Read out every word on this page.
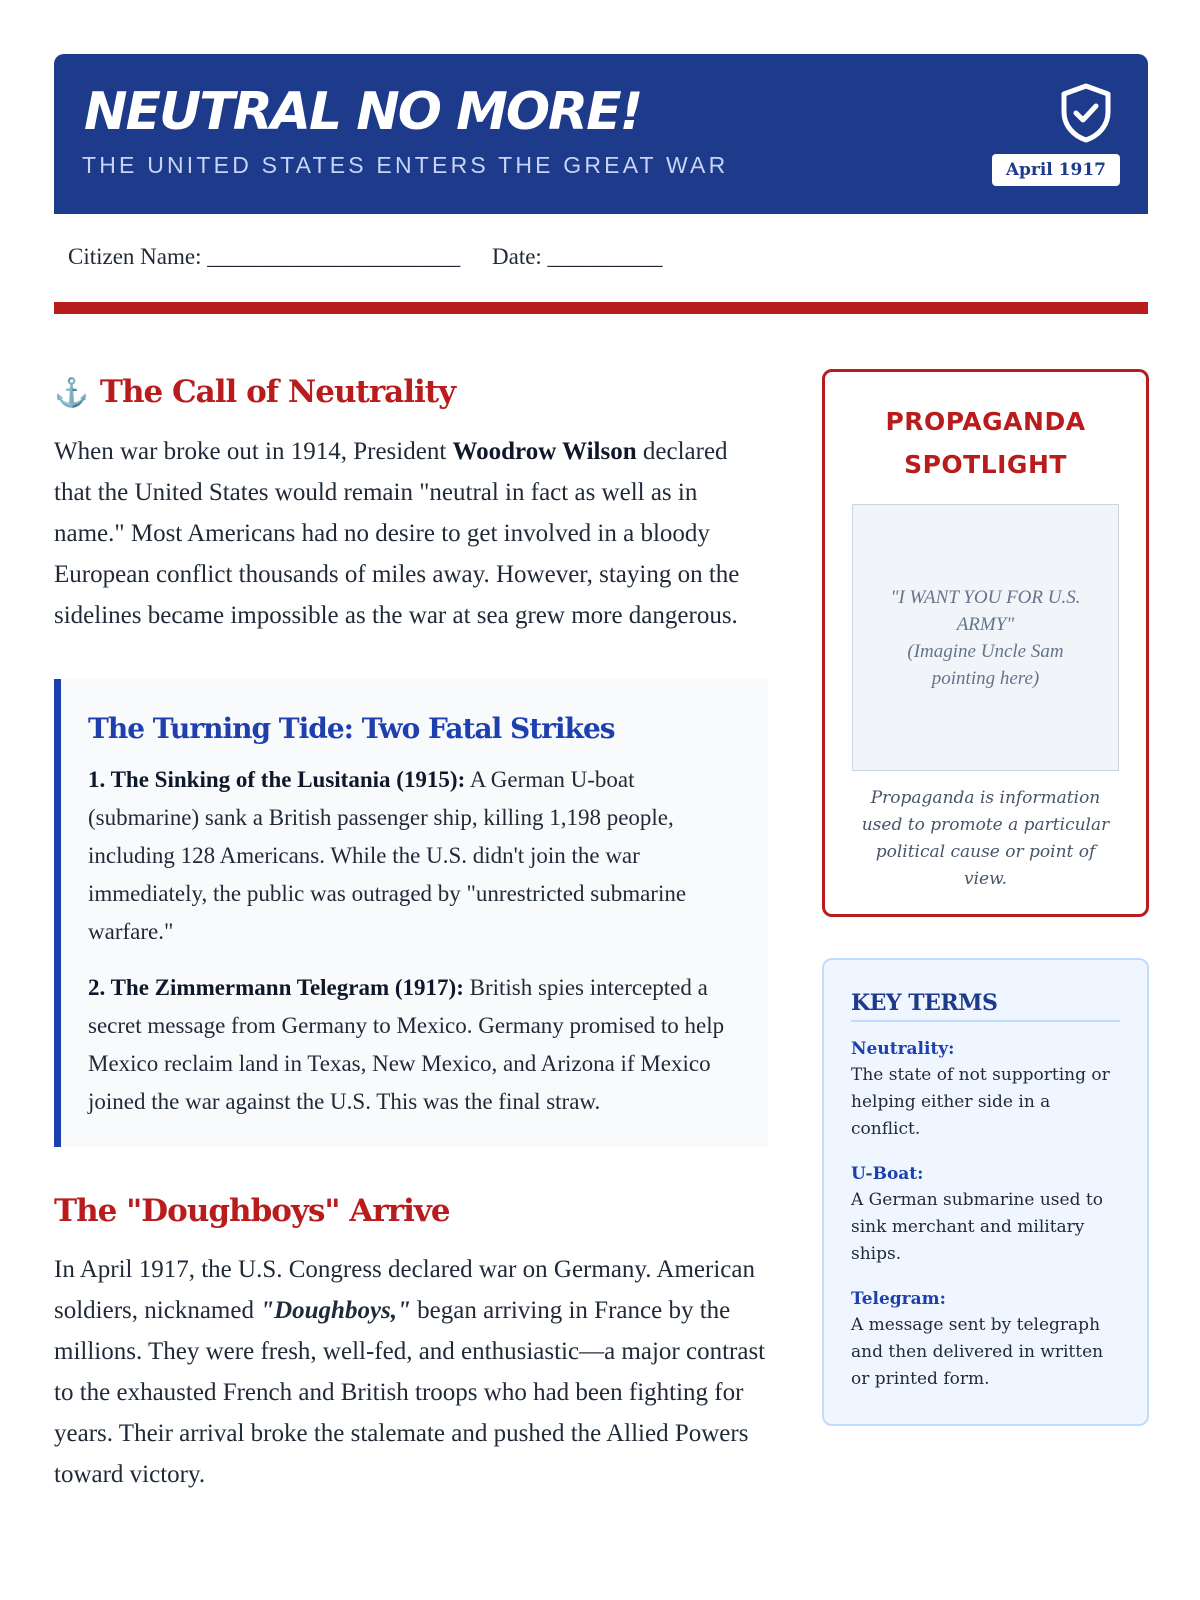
NEUTRAL NO MORE!
THE UNITED STATES ENTERS THE GREAT WAR	April 1917
Citizen Name: ______________________ Date: __________
⚓ The Call of Neutrality

When war broke out in 1914, President Woodrow Wilson declared that the United States would remain "neutral in fact as well as in name." Most Americans had no desire to get involved in a bloody European conflict thousands of miles away. However, staying on the sidelines became impossible as the war at sea grew more dangerous.

The Turning Tide: Two Fatal Strikes

1. The Sinking of the Lusitania (1915): A German U-boat (submarine) sank a British passenger ship, killing 1,198 people, including 128 Americans. While the U.S. didn't join the war immediately, the public was outraged by "unrestricted submarine warfare."

2. The Zimmermann Telegram (1917): British spies intercepted a secret message from Germany to Mexico. Germany promised to help Mexico reclaim land in Texas, New Mexico, and Arizona if Mexico joined the war against the U.S. This was the final straw.

The "Doughboys" Arrive

In April 1917, the U.S. Congress declared war on Germany. American soldiers, nicknamed "Doughboys," began arriving in France by the millions. They were fresh, well-fed, and enthusiastic—a major contrast to the exhausted French and British troops who had been fighting for years. Their arrival broke the stalemate and pushed the Allied Powers toward victory.

PROPAGANDA SPOTLIGHT
"I WANT YOU FOR U.S. ARMY"
(Imagine Uncle Sam pointing here)

Propaganda is information used to promote a particular political cause or point of view.

KEY TERMS
Neutrality:
The state of not supporting or helping either side in a conflict.
U-Boat:
A German submarine used to sink merchant and military ships.
Telegram:
A message sent by telegraph and then delivered in written or printed form.
